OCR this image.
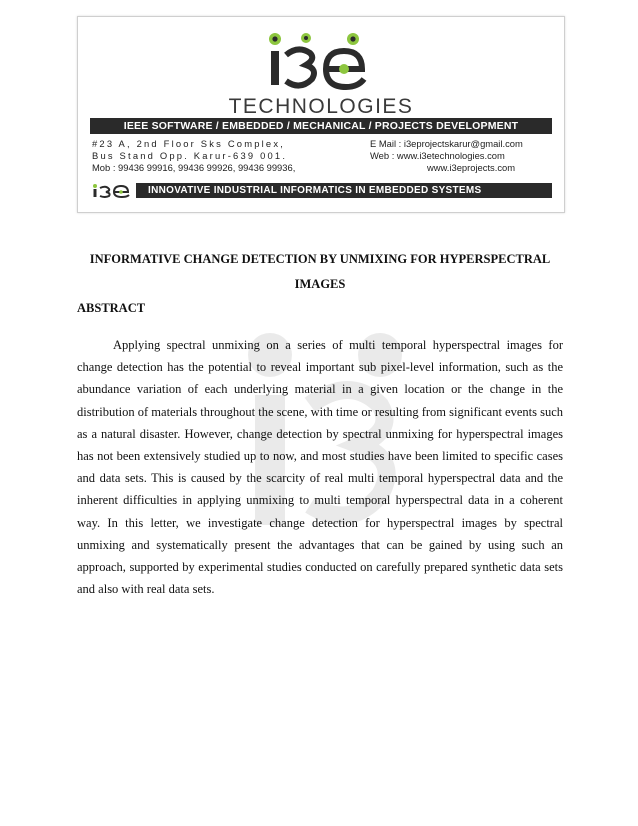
TECHNOLOGIES
IEEE SOFTWARE / EMBEDDED / MECHANICAL / PROJECTS DEVELOPMENT
#23 A, 2nd Floor Sks Complex,
Bus Stand Opp. Karur-639 001.
Mob : 99436 99916, 99436 99926, 99436 99936,
E Mail : i3eprojectskarur@gmail.com
Web : www.i3etechnologies.com
www.i3eprojects.com
INNOVATIVE INDUSTRIAL INFORMATICS IN EMBEDDED SYSTEMS
INFORMATIVE CHANGE DETECTION BY UNMIXING FOR HYPERSPECTRAL
IMAGES
ABSTRACT

Applying spectral unmixing on a series of multi temporal hyperspectral images for change detection has the potential to reveal important sub pixel-level information, such as the abundance variation of each underlying material in a given location or the change in the distribution of materials throughout the scene, with time or resulting from significant events such as a natural disaster. However, change detection by spectral unmixing for hyperspectral images has not been extensively studied up to now, and most studies have been limited to specific cases and data sets. This is caused by the scarcity of real multi temporal hyperspectral data and the inherent difficulties in applying unmixing to multi temporal hyperspectral data in a coherent way. In this letter, we investigate change detection for hyperspectral images by spectral unmixing and systematically present the advantages that can be gained by using such an approach, supported by experimental studies conducted on carefully prepared synthetic data sets and also with real data sets.
